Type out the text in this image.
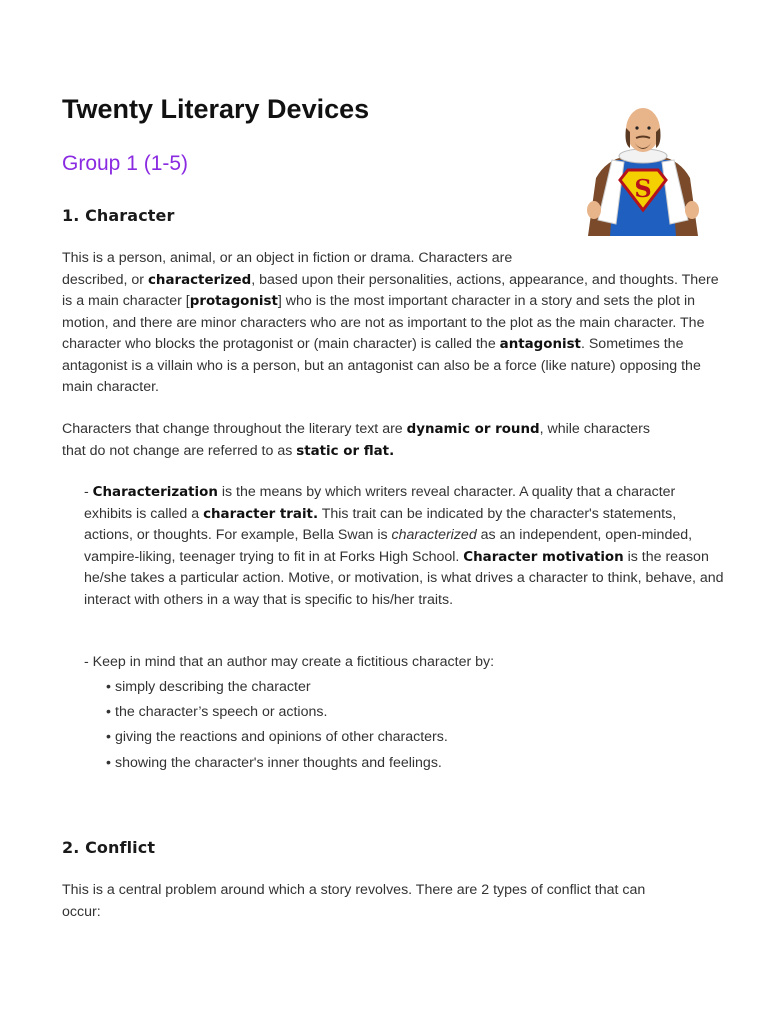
Twenty Literary Devices
Group 1 (1-5)
1. Character

This is a person, animal, or an object in fiction or drama. Characters are
described, or characterized, based upon their personalities, actions, appearance, and thoughts. There is a main character [protagonist] who is the most important character in a story and sets the plot in motion, and there are minor characters who are not as important to the plot as the main character. The character who blocks the protagonist or (main character) is called the antagonist. Sometimes the antagonist is a villain who is a person, but an antagonist can also be a force (like nature) opposing the main character.

Characters that change throughout the literary text are dynamic or round, while characters
that do not change are referred to as static or flat.

- Characterization is the means by which writers reveal character. A quality that a character exhibits is called a character trait. This trait can be indicated by the character's statements, actions, or thoughts. For example, Bella Swan is characterized as an independent, open-minded, vampire-liking, teenager trying to fit in at Forks High School. Character motivation is the reason he/she takes a particular action. Motive, or motivation, is what drives a character to think, behave, and interact with others in a way that is specific to his/her traits.

- Keep in mind that an author may create a fictitious character by:

• simply describing the character
• the character’s speech or actions.
• giving the reactions and opinions of other characters.
• showing the character's inner thoughts and feelings.
2. Conflict

This is a central problem around which a story revolves. There are 2 types of conflict that can
occur:

S
